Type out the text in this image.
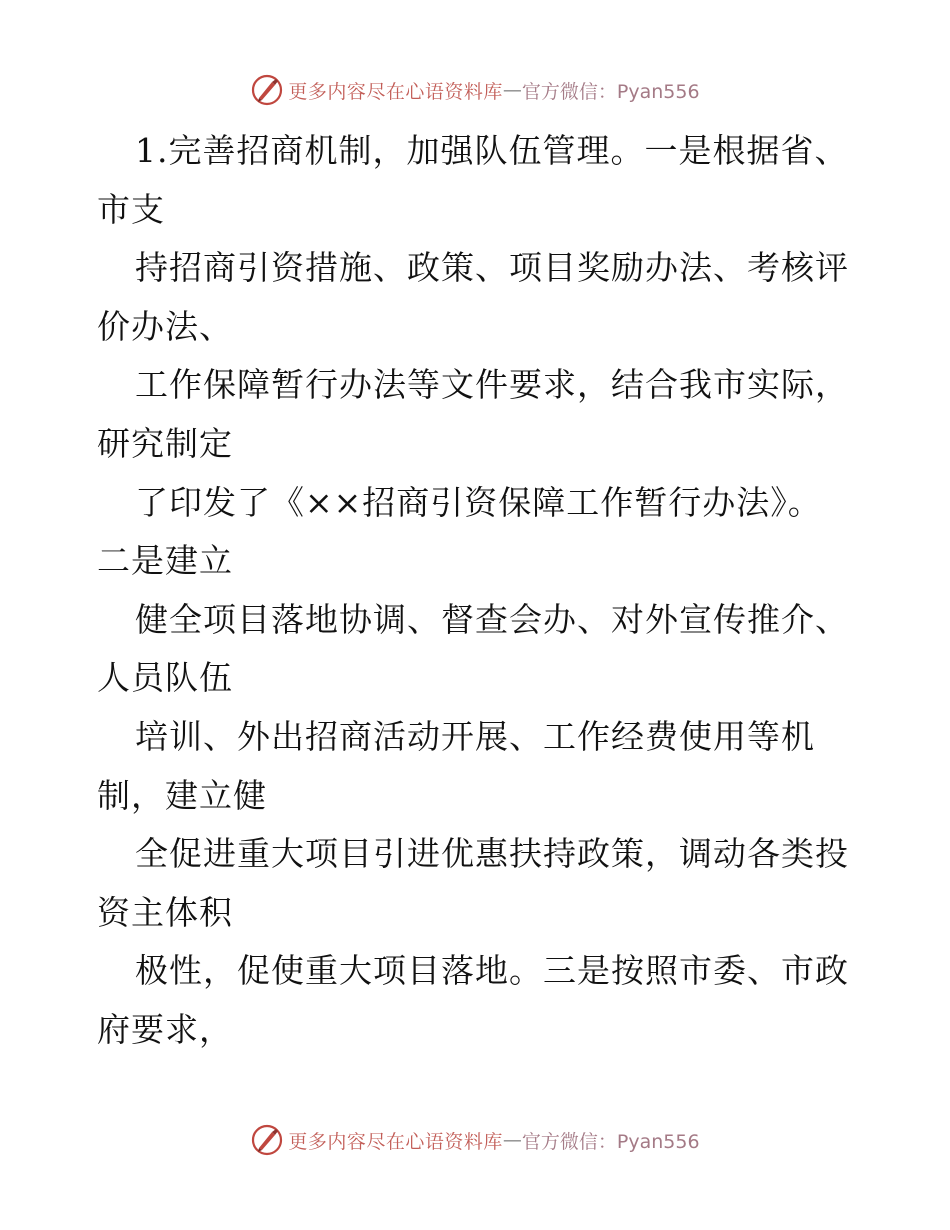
更多内容尽在心语资料库 — 官方微信：Pyan556
1.完善招商机制，加强队伍管理。一是根据省、
市支
持招商引资措施、政策、项目奖励办法、考核评
价办法、
工作保障暂行办法等文件要求，结合我市实际，
研究制定
了印发了《××招商引资保障工作暂行办法》。
二是建立
健全项目落地协调、督查会办、对外宣传推介、
人员队伍
培训、外出招商活动开展、工作经费使用等机
制，建立健
全促进重大项目引进优惠扶持政策，调动各类投
资主体积
极性，促使重大项目落地。三是按照市委、市政
府要求，
更多内容尽在心语资料库 — 官方微信：Pyan556
